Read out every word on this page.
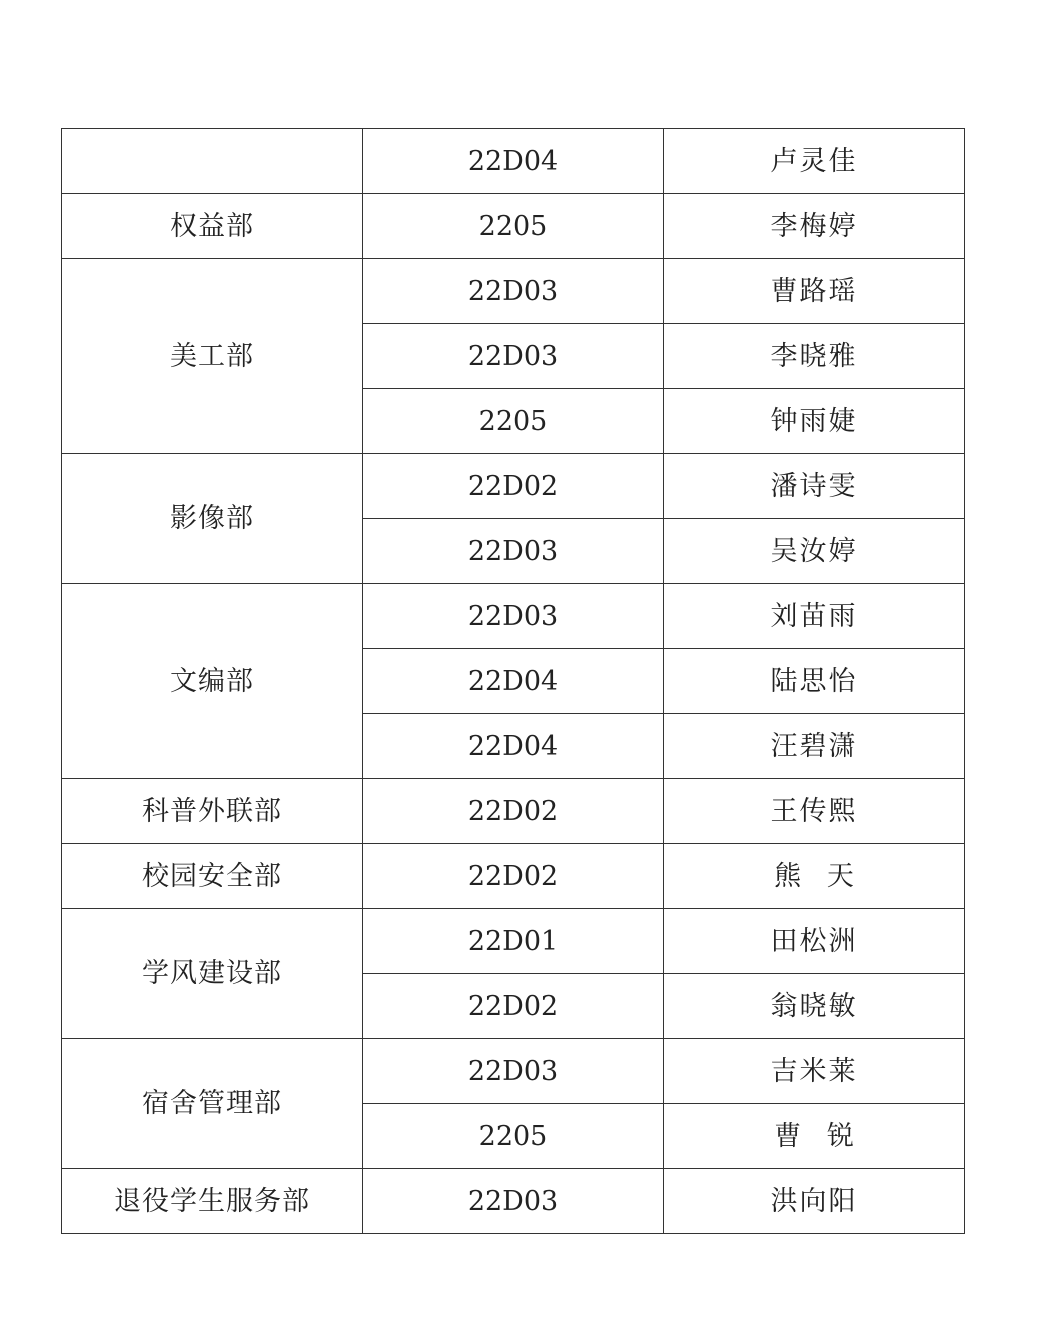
	22D04	卢灵佳
权益部	2205	李梅婷
美工部	22D03	曹路瑶
	22D03	李晓雅
	2205	钟雨婕
影像部	22D02	潘诗雯
	22D03	吴汝婷
文编部	22D03	刘苗雨
	22D04	陆思怡
	22D04	汪碧潇
科普外联部	22D02	王传熙
校园安全部	22D02	熊   天
学风建设部	22D01	田松洲
	22D02	翁晓敏
宿舍管理部	22D03	吉米莱
	2205	曹   锐
退役学生服务部	22D03	洪向阳
